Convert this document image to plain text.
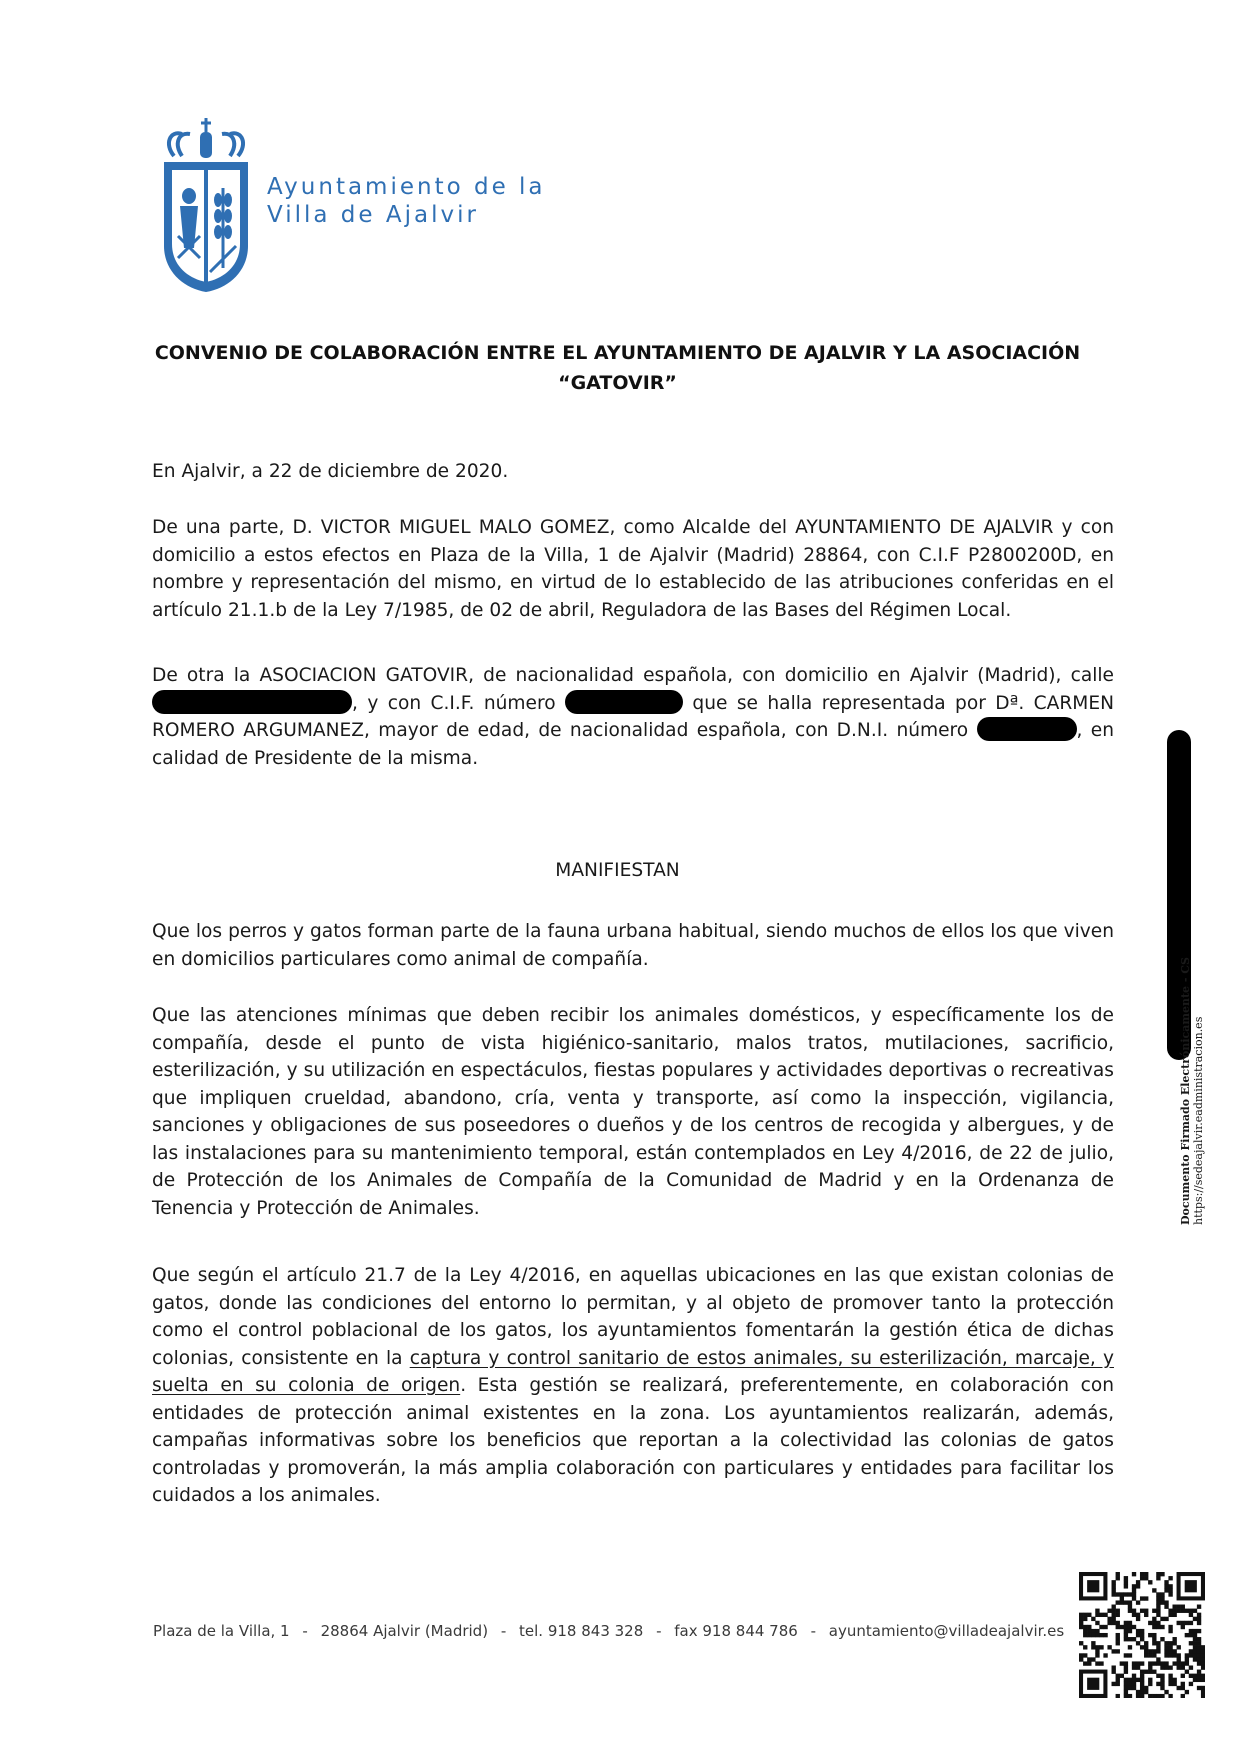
Ayuntamiento de la
Villa de Ajalvir
CONVENIO DE COLABORACIÓN ENTRE EL AYUNTAMIENTO DE AJALVIR Y LA ASOCIACIÓN
“GATOVIR”
En Ajalvir, a 22 de diciembre de 2020.
De una parte, D. VICTOR MIGUEL MALO GOMEZ, como Alcalde del AYUNTAMIENTO DE AJALVIR y con domicilio a estos efectos en Plaza de la Villa, 1 de Ajalvir (Madrid) 28864, con C.I.F P2800200D, en nombre y representación del mismo, en virtud de lo establecido de las atribuciones conferidas en el artículo 21.1.b de la Ley 7/1985, de 02 de abril, Reguladora de las Bases del Régimen Local.
De otra la ASOCIACION GATOVIR, de nacionalidad española, con domicilio en Ajalvir (Madrid), calle , y con C.I.F. número	que se halla representada por Dª. CARMEN ROMERO ARGUMANEZ, mayor de edad, de nacionalidad española, con D.N.I. número	, en calidad de Presidente de la misma.
MANIFIESTAN
Que los perros y gatos forman parte de la fauna urbana habitual, siendo muchos de ellos los que viven en domicilios particulares como animal de compañía.
Que las atenciones mínimas que deben recibir los animales domésticos, y específicamente los de compañía, desde el punto de vista higiénico-sanitario, malos tratos, mutilaciones, sacrificio, esterilización, y su utilización en espectáculos, fiestas populares y actividades deportivas o recreativas que impliquen crueldad, abandono, cría, venta y transporte, así como la inspección, vigilancia, sanciones y obligaciones de sus poseedores o dueños y de los centros de recogida y albergues, y de las instalaciones para su mantenimiento temporal, están contemplados en Ley 4/2016, de 22 de julio, de Protección de los Animales de Compañía de la Comunidad de Madrid y en la Ordenanza de Tenencia y Protección de Animales.
Que según el artículo 21.7 de la Ley 4/2016, en aquellas ubicaciones en las que existan colonias de gatos, donde las condiciones del entorno lo permitan, y al objeto de promover tanto la protección como el control poblacional de los gatos, los ayuntamientos fomentarán la gestión ética de dichas colonias, consistente en la captura y control sanitario de estos animales, su esterilización, marcaje, y suelta en su colonia de origen. Esta gestión se realizará, preferentemente, en colaboración con entidades de protección animal existentes en la zona. Los ayuntamientos realizarán, además, campañas informativas sobre los beneficios que reportan a la colectividad las colonias de gatos controladas y promoverán, la más amplia colaboración con particulares y entidades para facilitar los cuidados a los animales.
Plaza de la Villa, 1 - 28864 Ajalvir (Madrid) - tel. 918 843 328 - fax 918 844 786 - ayuntamiento@villadeajalvir.es
Documento Firmado Electrónicamente - CS https://sedeajalvir.eadministracion.es
